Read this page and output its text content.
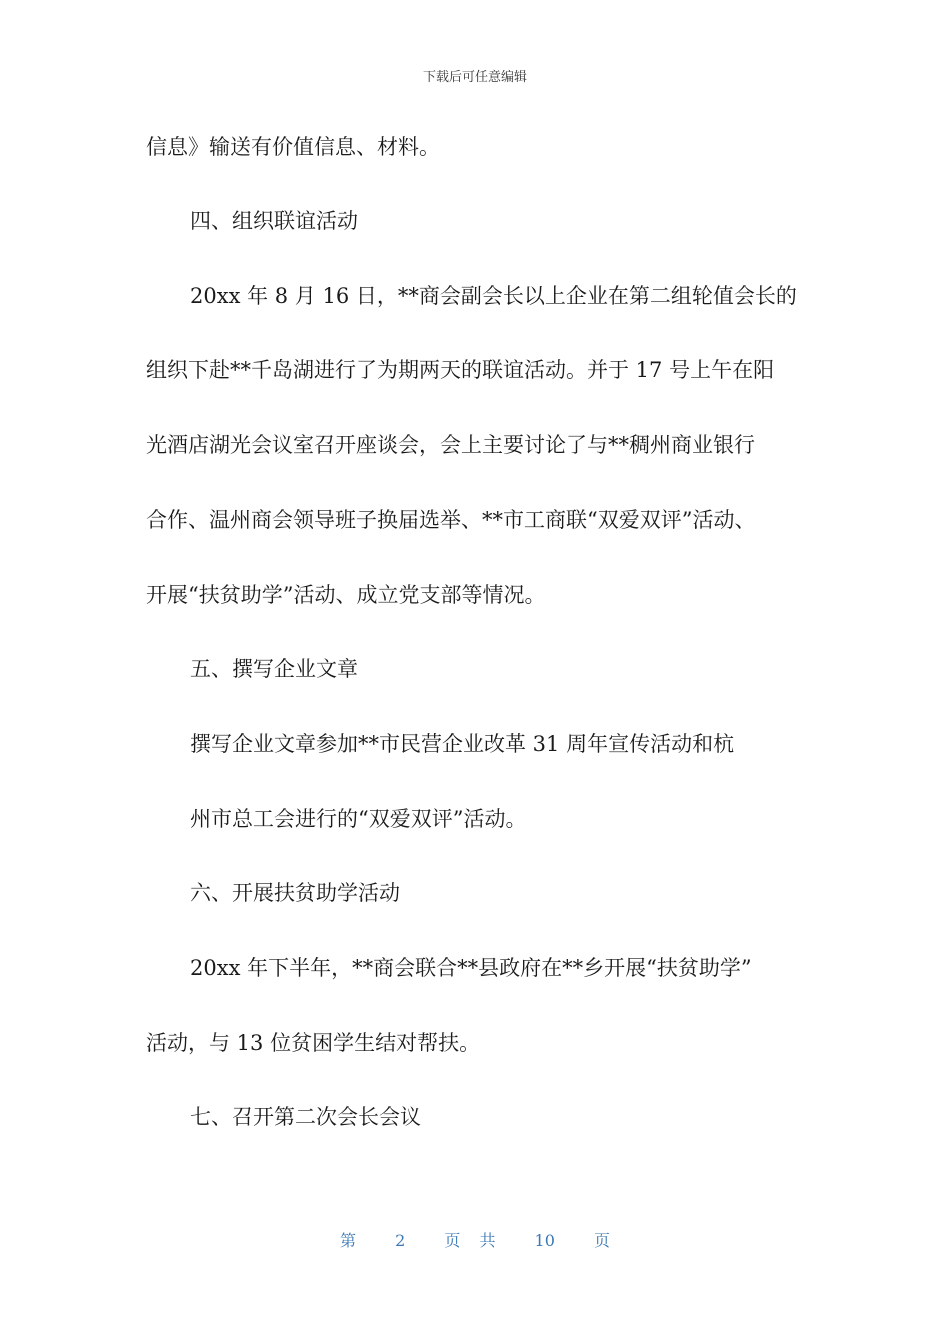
下载后可任意编辑
信息》输送有价值信息、材料。
四、组织联谊活动
20xx 年 8 月 16 日，**商会副会长以上企业在第二组轮值会长的
组织下赴**千岛湖进行了为期两天的联谊活动。并于 17 号上午在阳
光酒店湖光会议室召开座谈会，会上主要讨论了与**稠州商业银行
合作、温州商会领导班子换届选举、**市工商联“双爱双评”活动、
开展“扶贫助学”活动、成立党支部等情况。
五、撰写企业文章
撰写企业文章参加**市民营企业改革 31 周年宣传活动和杭
州市总工会进行的“双爱双评”活动。
六、开展扶贫助学活动
20xx 年下半年，**商会联合**县政府在**乡开展“扶贫助学”
活动，与 13 位贫困学生结对帮扶。
七、召开第二次会长会议
第 2 页 共 10 页
